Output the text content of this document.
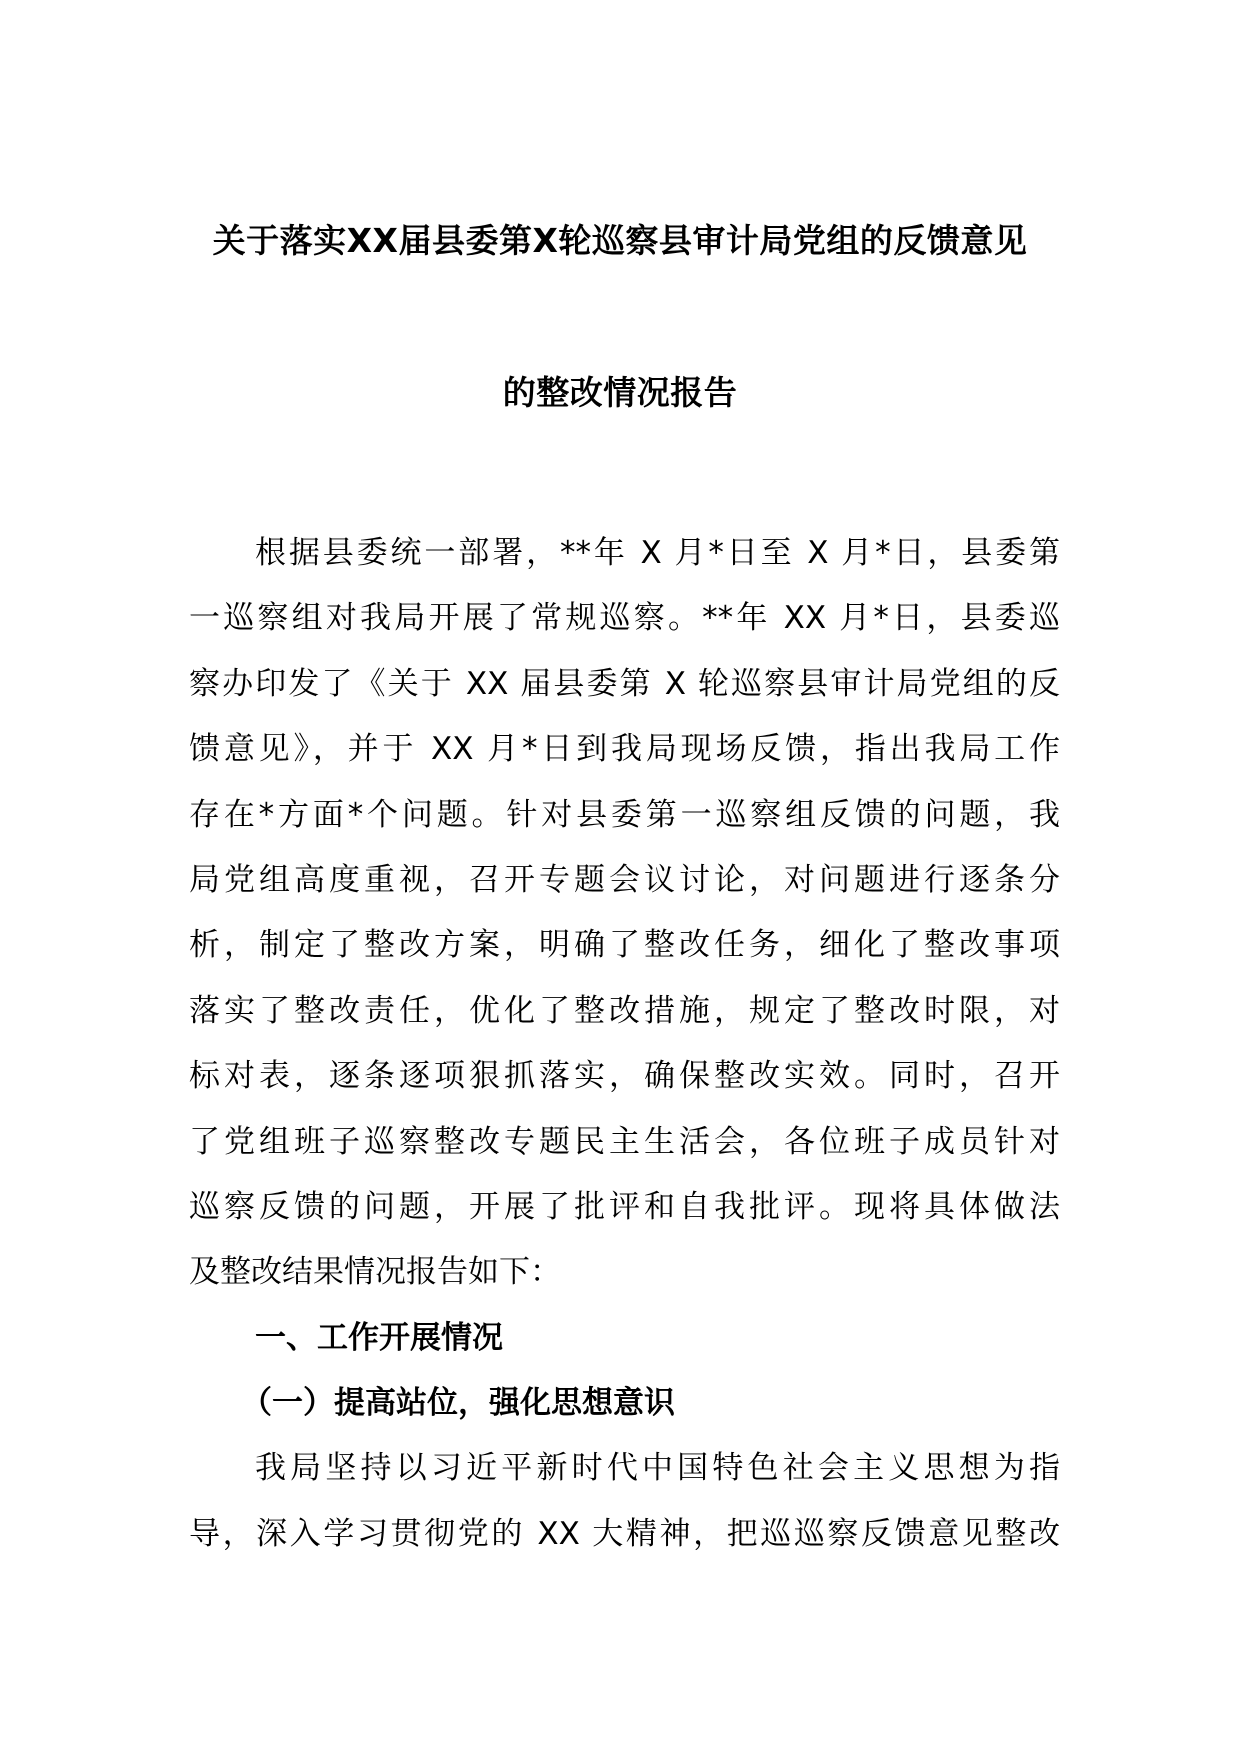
关于落实XX届县委第X轮巡察县审计局党组的反馈意见
的整改情况报告
根据县委统一部署，**年 X 月*日至 X 月*日，县委第
一巡察组对我局开展了常规巡察。**年 XX 月*日，县委巡
察办印发了《关于 XX 届县委第 X 轮巡察县审计局党组的反
馈意见》，并于 XX 月*日到我局现场反馈，指出我局工作
存在*方面*个问题。针对县委第一巡察组反馈的问题，我
局党组高度重视，召开专题会议讨论，对问题进行逐条分
析，制定了整改方案，明确了整改任务，细化了整改事项
落实了整改责任，优化了整改措施，规定了整改时限，对
标对表，逐条逐项狠抓落实，确保整改实效。同时，召开
了党组班子巡察整改专题民主生活会，各位班子成员针对
巡察反馈的问题，开展了批评和自我批评。现将具体做法
及整改结果情况报告如下：
一、工作开展情况
（一）提高站位，强化思想意识
我局坚持以习近平新时代中国特色社会主义思想为指
导，深入学习贯彻党的 XX 大精神，把巡巡察反馈意见整改
